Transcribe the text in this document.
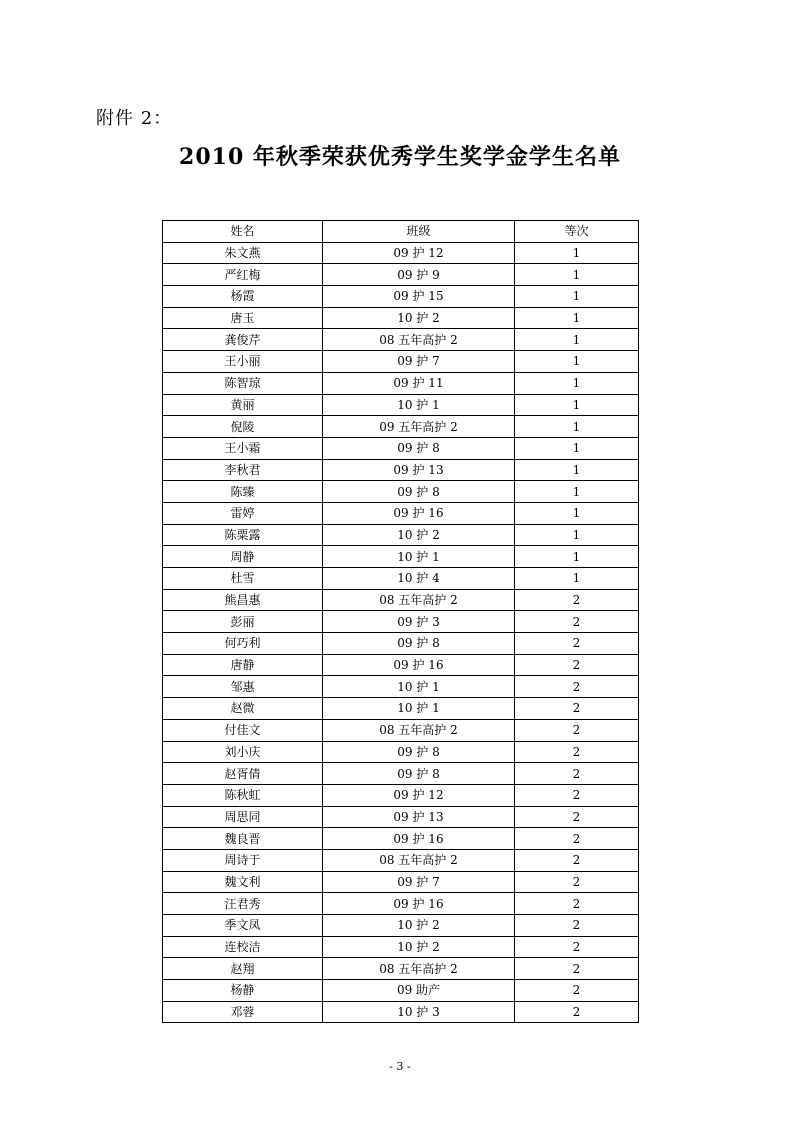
附件 2：
2010 年秋季荣获优秀学生奖学金学生名单
姓名	班级	等次
朱文燕	09 护 12	1
严红梅	09 护 9	1
杨霞	09 护 15	1
唐玉	10 护 2	1
龚俊芹	08 五年高护 2	1
王小丽	09 护 7	1
陈智琼	09 护 11	1
黄丽	10 护 1	1
倪陵	09 五年高护 2	1
王小霜	09 护 8	1
李秋君	09 护 13	1
陈臻	09 护 8	1
雷婷	09 护 16	1
陈粟露	10 护 2	1
周静	10 护 1	1
杜雪	10 护 4	1
熊昌惠	08 五年高护 2	2
彭丽	09 护 3	2
何巧利	09 护 8	2
唐静	09 护 16	2
邹惠	10 护 1	2
赵微	10 护 1	2
付佳文	08 五年高护 2	2
刘小庆	09 护 8	2
赵胥倩	09 护 8	2
陈秋虹	09 护 12	2
周思同	09 护 13	2
魏良晋	09 护 16	2
周诗于	08 五年高护 2	2
魏文利	09 护 7	2
汪君秀	09 护 16	2
季文凤	10 护 2	2
连校洁	10 护 2	2
赵翔	08 五年高护 2	2
杨静	09 助产	2
邓蓉	10 护 3	2
- 3 -
